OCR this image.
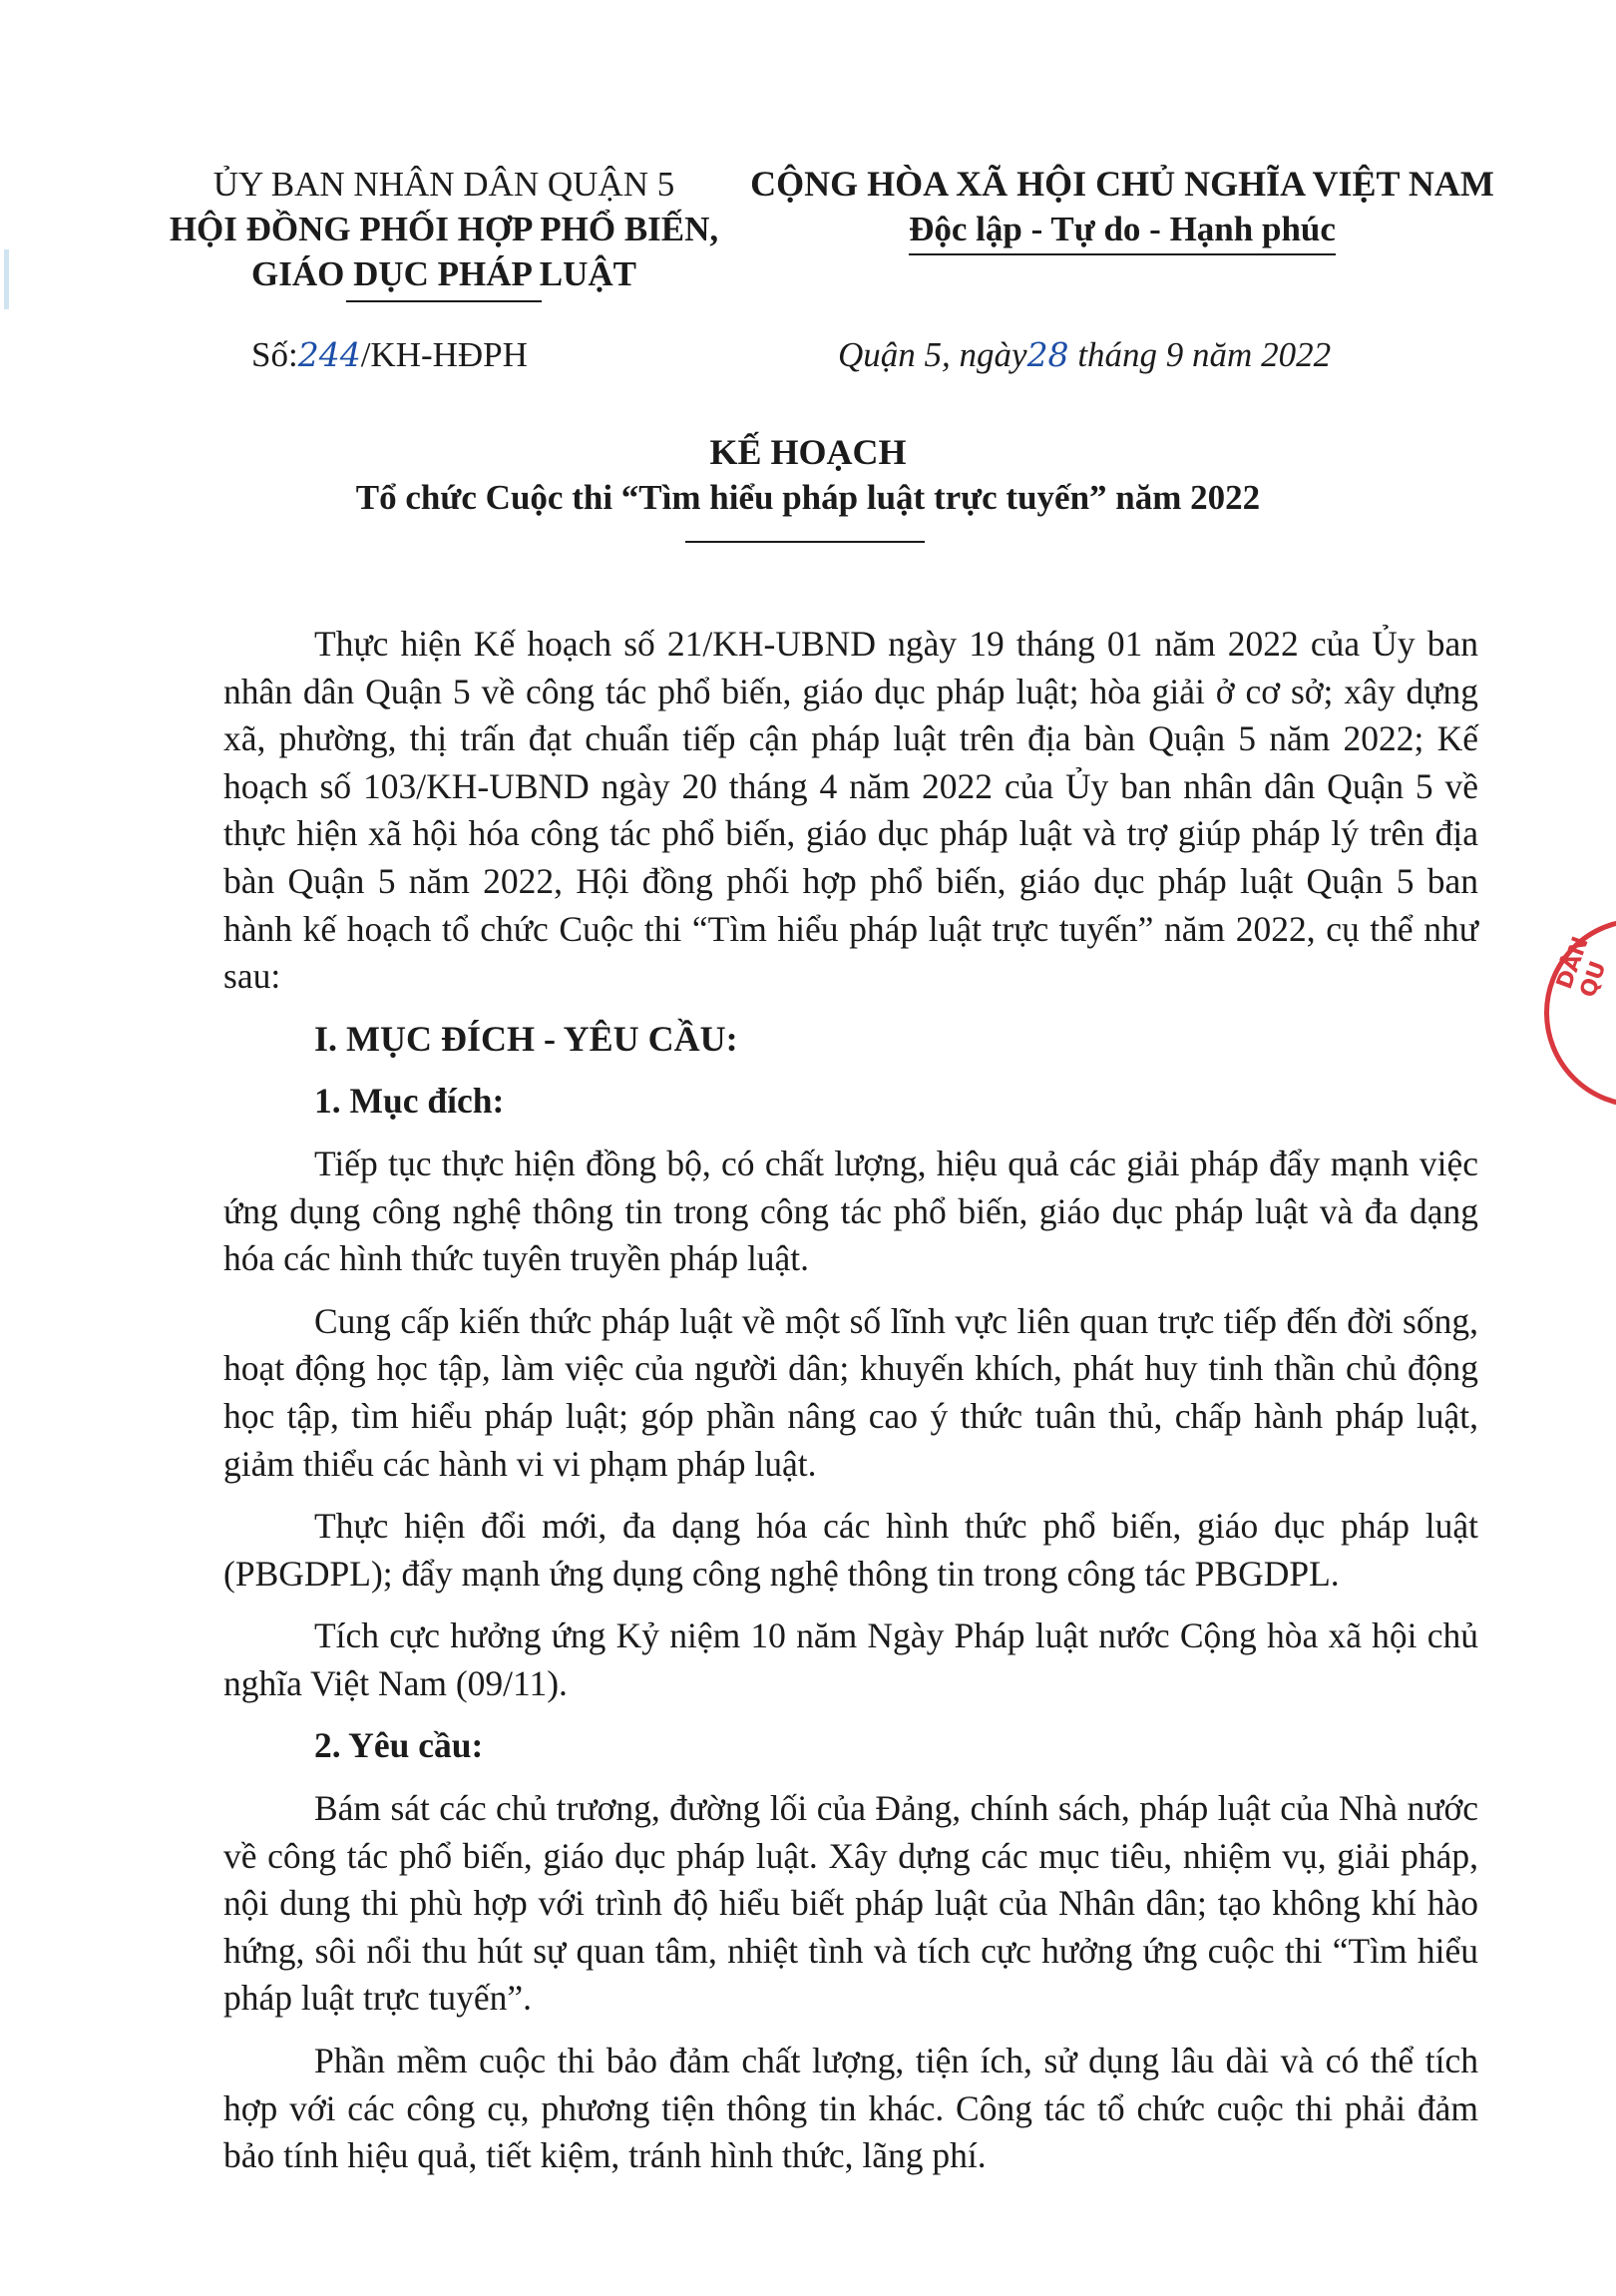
ỦY BAN NHÂN DÂN QUẬN 5
HỘI ĐỒNG PHỐI HỢP PHỔ BIẾN,
GIÁO DỤC PHÁP LUẬT
CỘNG HÒA XÃ HỘI CHỦ NGHĨA VIỆT NAM
Độc lập - Tự do - Hạnh phúc
Số:244/KH-HĐPH	Quận 5, ngày28 tháng 9 năm 2022
KẾ HOẠCH
Tổ chức Cuộc thi “Tìm hiểu pháp luật trực tuyến” năm 2022

Thực hiện Kế hoạch số 21/KH-UBND ngày 19 tháng 01 năm 2022 của Ủy ban nhân dân Quận 5 về công tác phổ biến, giáo dục pháp luật; hòa giải ở cơ sở; xây dựng xã, phường, thị trấn đạt chuẩn tiếp cận pháp luật trên địa bàn Quận 5 năm 2022; Kế hoạch số 103/KH-UBND ngày 20 tháng 4 năm 2022 của Ủy ban nhân dân Quận 5 về thực hiện xã hội hóa công tác phổ biến, giáo dục pháp luật và trợ giúp pháp lý trên địa bàn Quận 5 năm 2022, Hội đồng phối hợp phổ biến, giáo dục pháp luật Quận 5 ban hành kế hoạch tổ chức Cuộc thi “Tìm hiểu pháp luật trực tuyến” năm 2022, cụ thể như sau:

I. MỤC ĐÍCH - YÊU CẦU:
1. Mục đích:

Tiếp tục thực hiện đồng bộ, có chất lượng, hiệu quả các giải pháp đẩy mạnh việc ứng dụng công nghệ thông tin trong công tác phổ biến, giáo dục pháp luật và đa dạng hóa các hình thức tuyên truyền pháp luật.

Cung cấp kiến thức pháp luật về một số lĩnh vực liên quan trực tiếp đến đời sống, hoạt động học tập, làm việc của người dân; khuyến khích, phát huy tinh thần chủ động học tập, tìm hiểu pháp luật; góp phần nâng cao ý thức tuân thủ, chấp hành pháp luật, giảm thiểu các hành vi vi phạm pháp luật.

Thực hiện đổi mới, đa dạng hóa các hình thức phổ biến, giáo dục pháp luật (PBGDPL); đẩy mạnh ứng dụng công nghệ thông tin trong công tác PBGDPL.

Tích cực hưởng ứng Kỷ niệm 10 năm Ngày Pháp luật nước Cộng hòa xã hội chủ nghĩa Việt Nam (09/11).

2. Yêu cầu:

Bám sát các chủ trương, đường lối của Đảng, chính sách, pháp luật của Nhà nước về công tác phổ biến, giáo dục pháp luật. Xây dựng các mục tiêu, nhiệm vụ, giải pháp, nội dung thi phù hợp với trình độ hiểu biết pháp luật của Nhân dân; tạo không khí hào hứng, sôi nổi thu hút sự quan tâm, nhiệt tình và tích cực hưởng ứng cuộc thi “Tìm hiểu pháp luật trực tuyến”.

Phần mềm cuộc thi bảo đảm chất lượng, tiện ích, sử dụng lâu dài và có thể tích hợp với các công cụ, phương tiện thông tin khác. Công tác tổ chức cuộc thi phải đảm bảo tính hiệu quả, tiết kiệm, tránh hình thức, lãng phí.

DÂN QU
